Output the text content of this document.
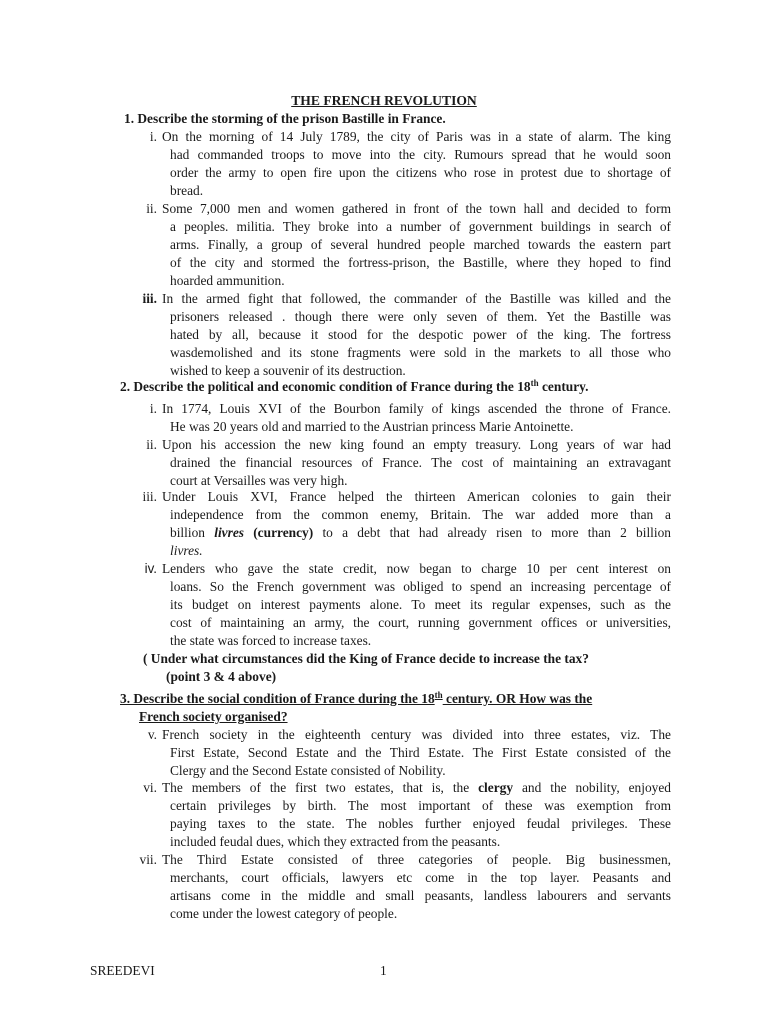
THE FRENCH REVOLUTION
1. Describe the storming of the prison Bastille in France.
i. On the morning of 14 July 1789, the city of Paris was in a state of alarm. The king
had commanded troops to move into the city. Rumours spread that he would soon
order the army to open fire upon the citizens who rose in protest due to shortage of
bread.
ii. Some 7,000 men and women gathered in front of the town hall and decided to form
a peoples. militia. They broke into a number of government buildings in search of
arms. Finally, a group of several hundred people marched towards the eastern part
of the city and stormed the fortress-prison, the Bastille, where they hoped to find
hoarded ammunition.
iii. In the armed fight that followed, the commander of the Bastille was killed and the
prisoners released . though there were only seven of them. Yet the Bastille was
hated by all, because it stood for the despotic power of the king. The fortress
wasdemolished and its stone fragments were sold in the markets to all those who
wished to keep a souvenir of its destruction.
2. Describe the political and economic condition of France during the 18th century.
i. In 1774, Louis XVI of the Bourbon family of kings ascended the throne of France.
He was 20 years old and married to the Austrian princess Marie Antoinette.
ii. Upon his accession the new king found an empty treasury. Long years of war had
drained the financial resources of France. The cost of maintaining an extravagant
court at Versailles was very high.
iii. Under Louis XVI, France helped the thirteen American colonies to gain their
independence from the common enemy, Britain. The war added more than a
billion livres (currency) to a debt that had already risen to more than 2 billion
livres.
iv. Lenders who gave the state credit, now began to charge 10 per cent interest on
loans. So the French government was obliged to spend an increasing percentage of
its budget on interest payments alone. To meet its regular expenses, such as the
cost of maintaining an army, the court, running government offices or universities,
the state was forced to increase taxes.
( Under what circumstances did the King of France decide to increase the tax?
(point 3 & 4 above)
3. Describe the social condition of France during the 18th century. OR How was the
French society organised?
v. French society in the eighteenth century was divided into three estates, viz. The
First Estate, Second Estate and the Third Estate. The First Estate consisted of the
Clergy and the Second Estate consisted of Nobility.
vi. The members of the first two estates, that is, the clergy and the nobility, enjoyed
certain privileges by birth. The most important of these was exemption from
paying taxes to the state. The nobles further enjoyed feudal privileges. These
included feudal dues, which they extracted from the peasants.
vii. The Third Estate consisted of three categories of people. Big businessmen,
merchants, court officials, lawyers etc come in the top layer. Peasants and
artisans come in the middle and small peasants, landless labourers and servants
come under the lowest category of people.
SREEDEVI	1
